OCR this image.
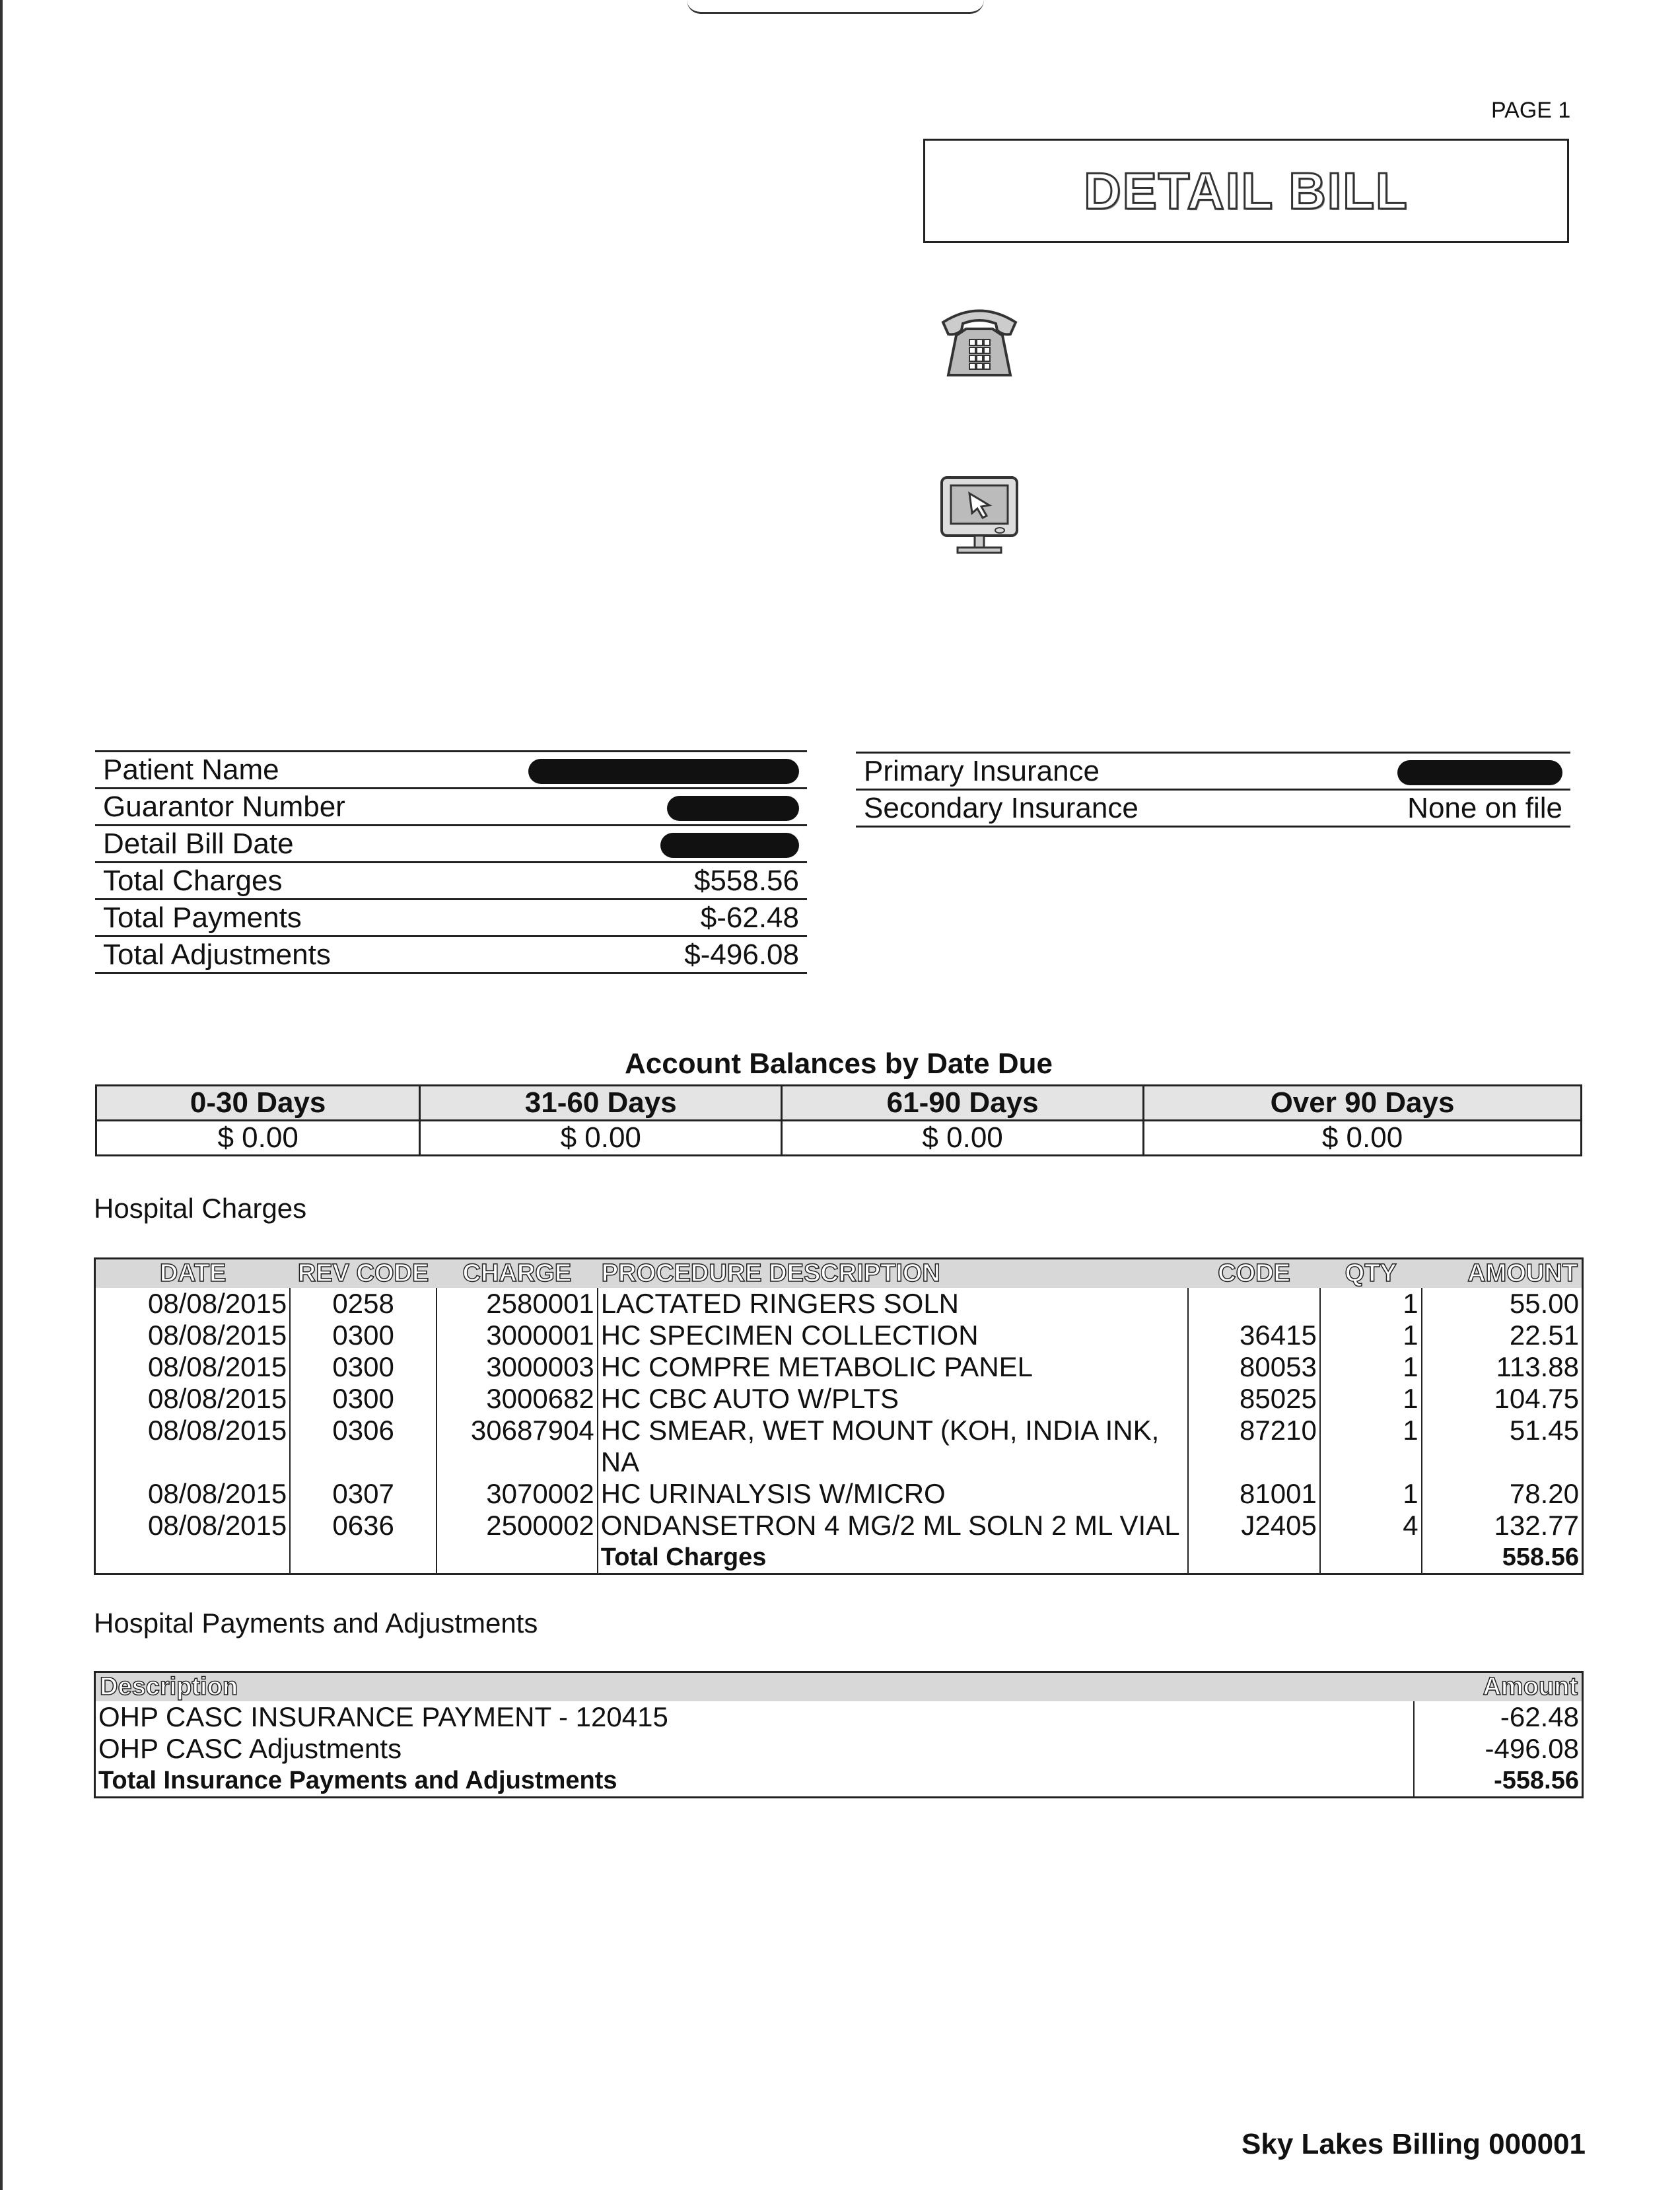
PAGE 1
DETAIL BILL
Patient Name	
Guarantor Number	
Detail Bill Date	
Total Charges	$558.56
Total Payments	$-62.48
Total Adjustments	$-496.08
Primary Insurance	
Secondary Insurance	None on file
Account Balances by Date Due
0-30 Days	31-60 Days	61-90 Days	Over 90 Days
$ 0.00	$ 0.00	$ 0.00	$ 0.00
Hospital Charges
DATE	REV CODE	CHARGE	PROCEDURE DESCRIPTION	CODE	QTY	AMOUNT
08/08/2015	0258	2580001	LACTATED RINGERS SOLN		1	55.00
08/08/2015	0300	3000001	HC SPECIMEN COLLECTION	36415	1	22.51
08/08/2015	0300	3000003	HC COMPRE METABOLIC PANEL	80053	1	113.88
08/08/2015	0300	3000682	HC CBC AUTO W/PLTS	85025	1	104.75
08/08/2015	0306	30687904	HC SMEAR, WET MOUNT (KOH, INDIA INK, NA	87210	1	51.45
08/08/2015	0307	3070002	HC URINALYSIS W/MICRO	81001	1	78.20
08/08/2015	0636	2500002	ONDANSETRON 4 MG/2 ML SOLN 2 ML VIAL	J2405	4	132.77
			Total Charges			558.56
Hospital Payments and Adjustments
Description	Amount
OHP CASC INSURANCE PAYMENT - 120415	-62.48
OHP CASC Adjustments	-496.08
Total Insurance Payments and Adjustments	-558.56
Sky Lakes Billing 000001
